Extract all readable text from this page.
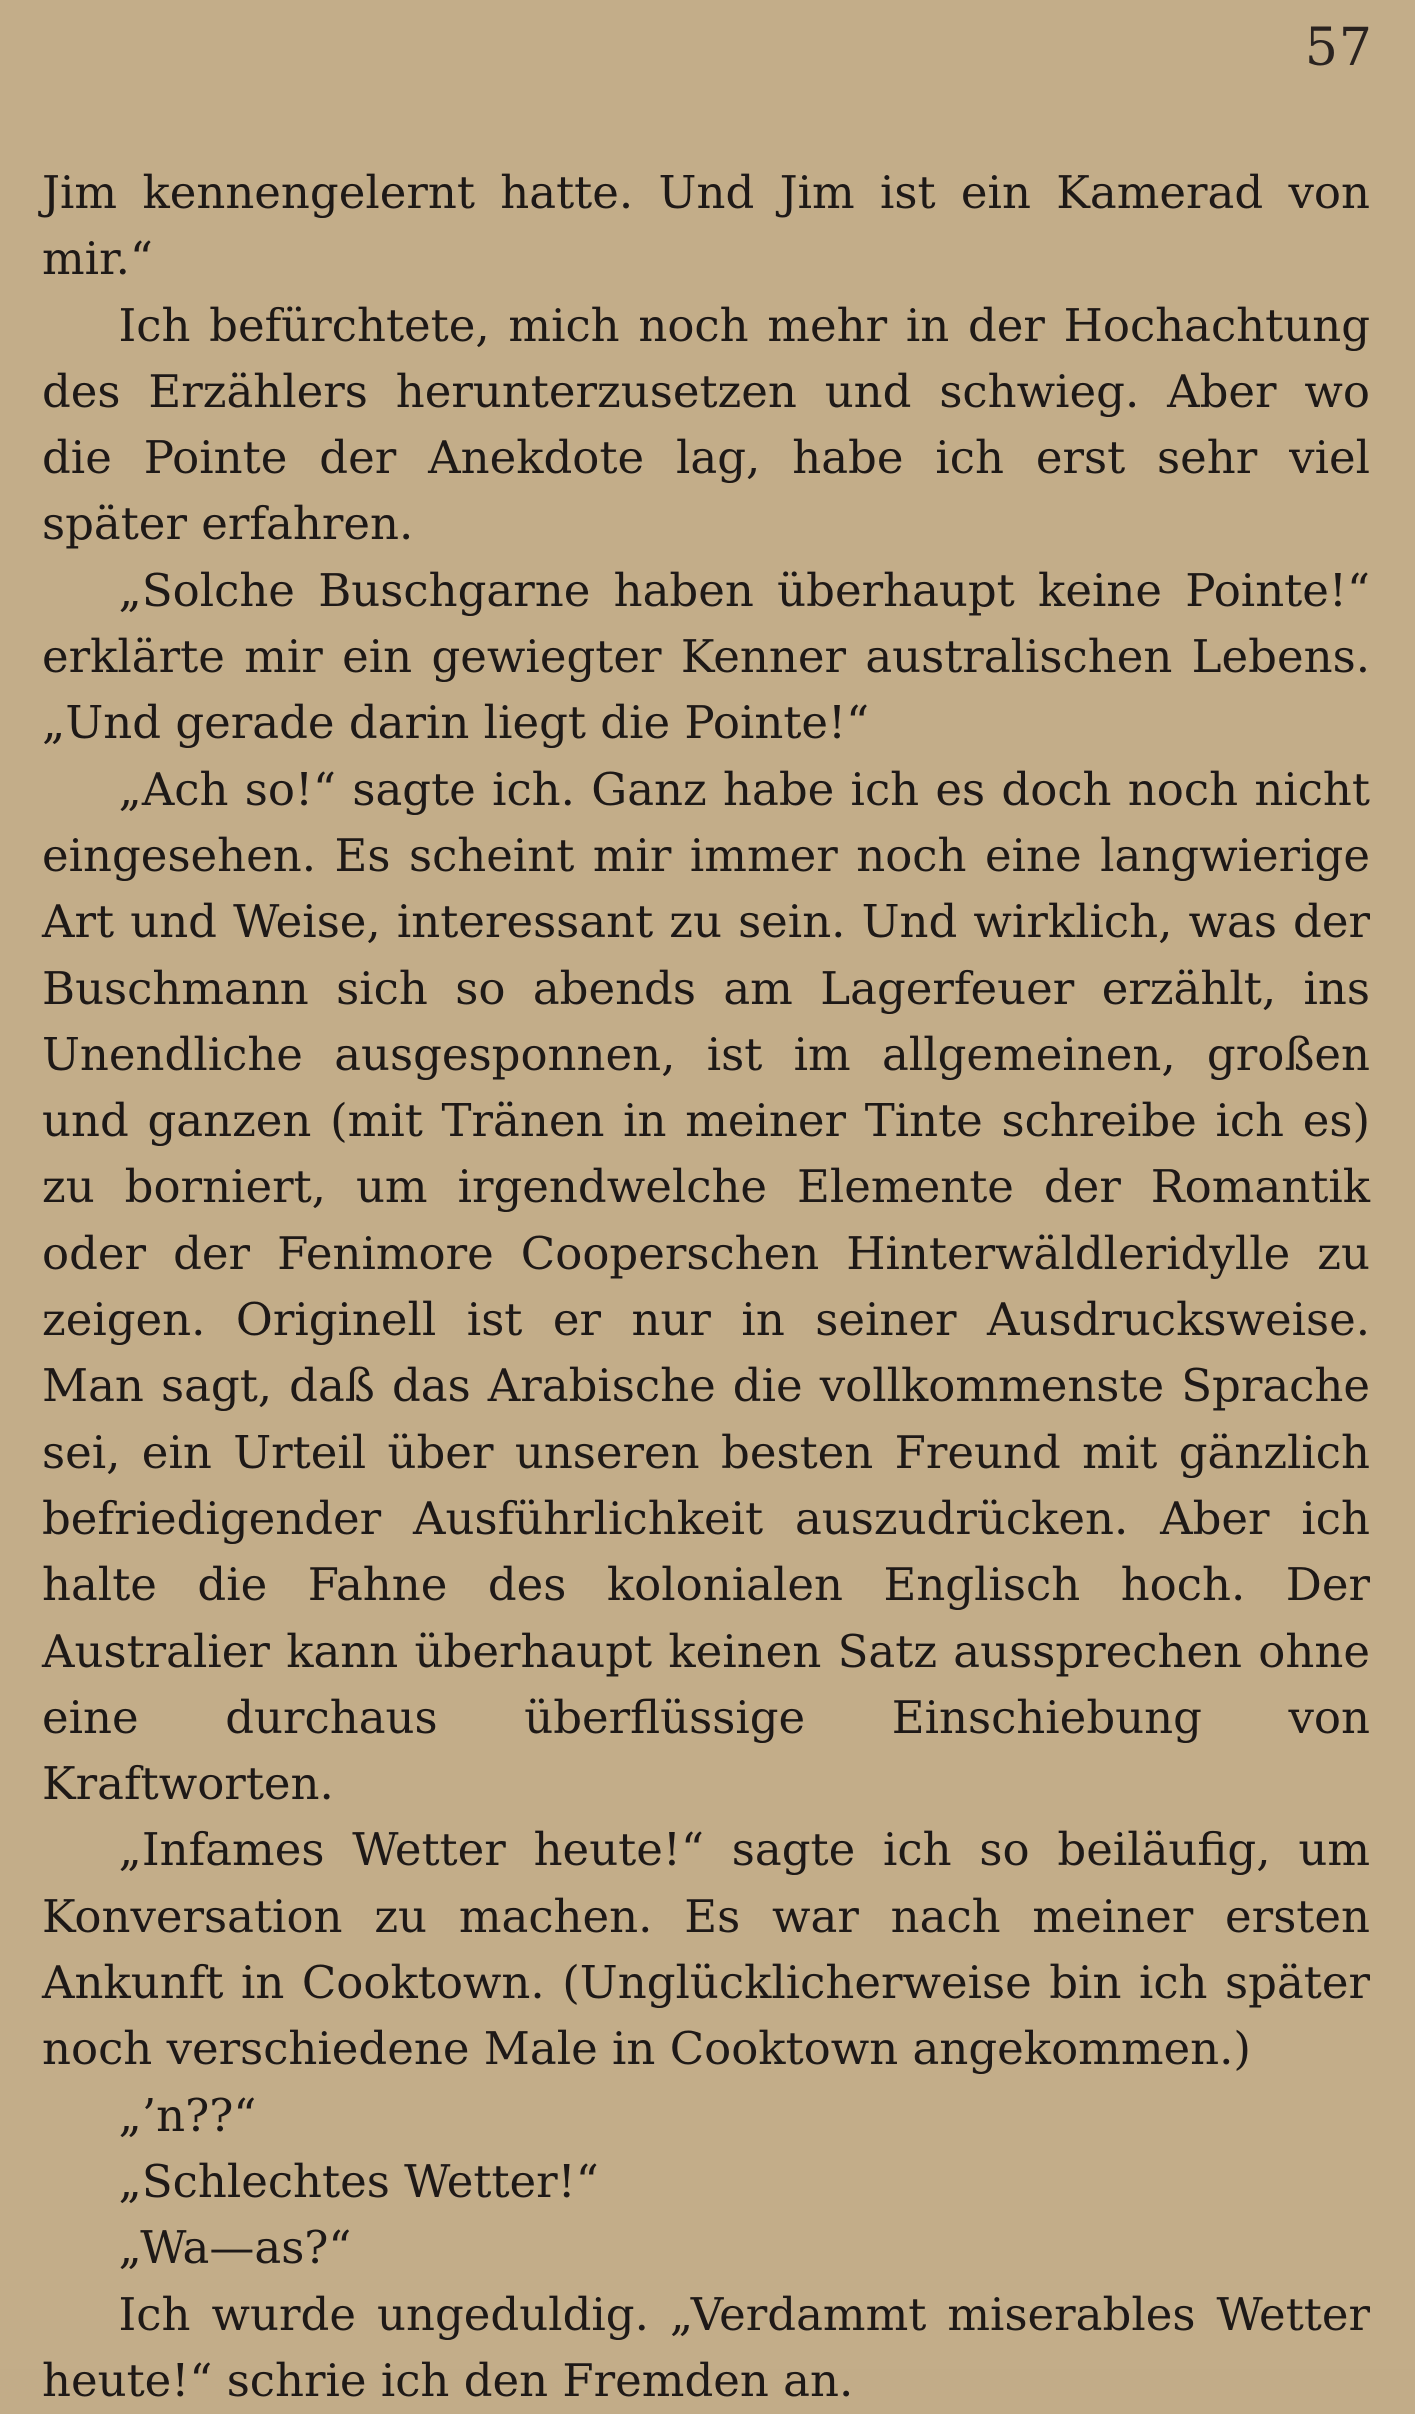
57

Jim kennengelernt hatte. Und Jim ist ein Kamerad von mir.“

Ich befürchtete, mich noch mehr in der Hochachtung des Erzählers herunterzusetzen und schwieg. Aber wo die Pointe der Anekdote lag, habe ich erst sehr viel später erfahren.

„Solche Buschgarne haben überhaupt keine Pointe!“ erklärte mir ein gewiegter Kenner australischen Lebens. „Und gerade darin liegt die Pointe!“

„Ach so!“ sagte ich. Ganz habe ich es doch noch nicht eingesehen. Es scheint mir immer noch eine langwierige Art und Weise, interessant zu sein. Und wirklich, was der Buschmann sich so abends am Lagerfeuer erzählt, ins Unendliche ausgesponnen, ist im allgemeinen, großen und ganzen (mit Tränen in meiner Tinte schreibe ich es) zu borniert, um irgendwelche Elemente der Romantik oder der Fenimore Cooperschen Hinterwäldleridylle zu zeigen. Originell ist er nur in seiner Ausdrucksweise. Man sagt, daß das Arabische die vollkommenste Sprache sei, ein Urteil über unseren besten Freund mit gänzlich befriedigender Ausführlichkeit auszudrücken. Aber ich halte die Fahne des kolonialen Englisch hoch. Der Australier kann überhaupt keinen Satz aussprechen ohne eine durchaus überflüssige Einschiebung von Kraftworten.

„Infames Wetter heute!“ sagte ich so beiläufig, um Konversation zu machen. Es war nach meiner ersten Ankunft in Cooktown. (Unglücklicherweise bin ich später noch verschiedene Male in Cooktown angekommen.)

„’n??“

„Schlechtes Wetter!“

„Wa—as?“

Ich wurde ungeduldig. „Verdammt miserables Wetter heute!“ schrie ich den Fremden an.
